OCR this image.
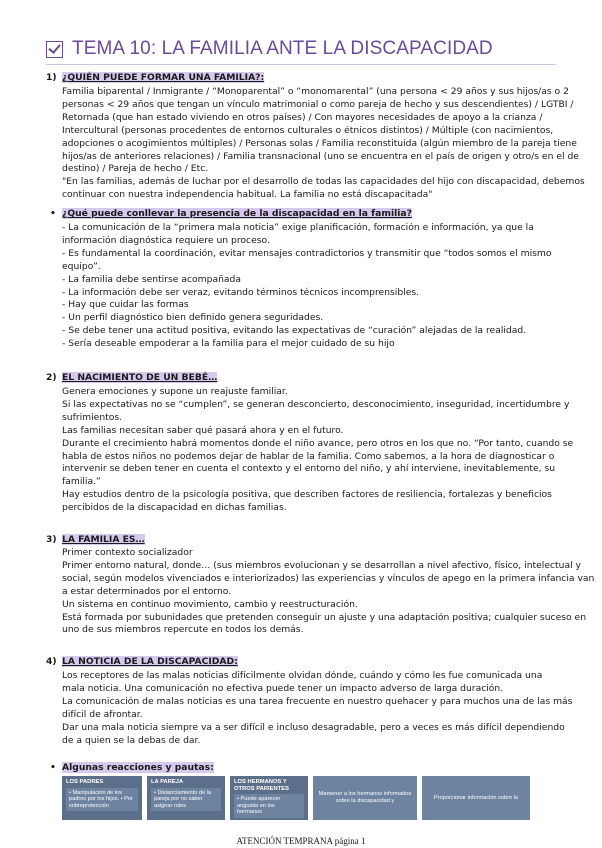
TEMA 10: LA FAMILIA ANTE LA DISCAPACIDAD
1) ¿QUIÉN PUEDE FORMAR UNA FAMILIA?:
Familia biparental / Inmigrante / “Monoparental” o “monomarental” (una persona < 29 años y sus hijos/as o 2
personas < 29 años que tengan un vínculo matrimonial o como pareja de hecho y sus descendientes) / LGTBI /
Retornada (que han estado viviendo en otros países) / Con mayores necesidades de apoyo a la crianza /
Intercultural (personas procedentes de entornos culturales o étnicos distintos) / Múltiple (con nacimientos,
adopciones o acogimientos múltiples) / Personas solas / Familia reconstituida (algún miembro de la pareja tiene
hijos/as de anteriores relaciones) / Familia transnacional (uno se encuentra en el país de origen y otro/s en el de
destino) / Pareja de hecho / Etc.
"En las familias, además de luchar por el desarrollo de todas las capacidades del hijo con discapacidad, debemos
continuar con nuestra independencia habitual. La familia no está discapacitada"
• ¿Qué puede conllevar la presencia de la discapacidad en la familia?
- La comunicación de la “primera mala noticia” exige planificación, formación e información, ya que la
información diagnóstica requiere un proceso.
- Es fundamental la coordinación, evitar mensajes contradictorios y transmitir que “todos somos el mismo
equipo”.
- La familia debe sentirse acompañada
- La información debe ser veraz, evitando términos técnicos incomprensibles.
- Hay que cuidar las formas
- Un perfil diagnóstico bien definido genera seguridades.
- Se debe tener una actitud positiva, evitando las expectativas de “curación” alejadas de la realidad.
- Sería deseable empoderar a la familia para el mejor cuidado de su hijo
2) EL NACIMIENTO DE UN BEBÉ…
Genera emociones y supone un reajuste familiar.
Si las expectativas no se “cumplen”, se generan desconcierto, desconocimiento, inseguridad, incertidumbre y
sufrimientos.
Las familias necesitan saber qué pasará ahora y en el futuro.
Durante el crecimiento habrá momentos donde el niño avance, pero otros en los que no. “Por tanto, cuando se
habla de estos niños no podemos dejar de hablar de la familia. Como sabemos, a la hora de diagnosticar o
intervenir se deben tener en cuenta el contexto y el entorno del niño, y ahí interviene, inevitablemente, su
familia.”
Hay estudios dentro de la psicología positiva, que describen factores de resiliencia, fortalezas y beneficios
percibidos de la discapacidad en dichas familias.
3) LA FAMILIA ES…
Primer contexto socializador
Primer entorno natural, donde… (sus miembros evolucionan y se desarrollan a nivel afectivo, físico, intelectual y
social, según modelos vivenciados e interiorizados) las experiencias y vínculos de apego en la primera infancia van
a estar determinados por el entorno.
Un sistema en continuo movimiento, cambio y reestructuración.
Está formada por subunidades que pretenden conseguir un ajuste y una adaptación positiva; cualquier suceso en
uno de sus miembros repercute en todos los demás.
4) LA NOTICIA DE LA DISCAPACIDAD:
Los receptores de las malas noticias difícilmente olvidan dónde, cuándo y cómo les fue comunicada una
mala noticia. Una comunicación no efectiva puede tener un impacto adverso de larga duración.
La comunicación de malas noticias es una tarea frecuente en nuestro quehacer y para muchos una de las más
difícil de afrontar.
Dar una mala noticia siempre va a ser difícil e incluso desagradable, pero a veces es más difícil dependiendo
de a quien se la debas de dar.
• Algunas reacciones y pautas:
LOS PADRES
• Manipulación de los padres por los hijos. • Por sobreprotección
LA PAREJA
• Distanciamiento de la pareja por no saber asignar roles
LOS HERMANOS Y OTROS PARIENTES
• Puede aparecer angustia en los hermanos
Mantener a los hermanos informados sobre la discapacidad y
Proporcionar información sobre la
ATENCIÓN TEMPRANA página 1
